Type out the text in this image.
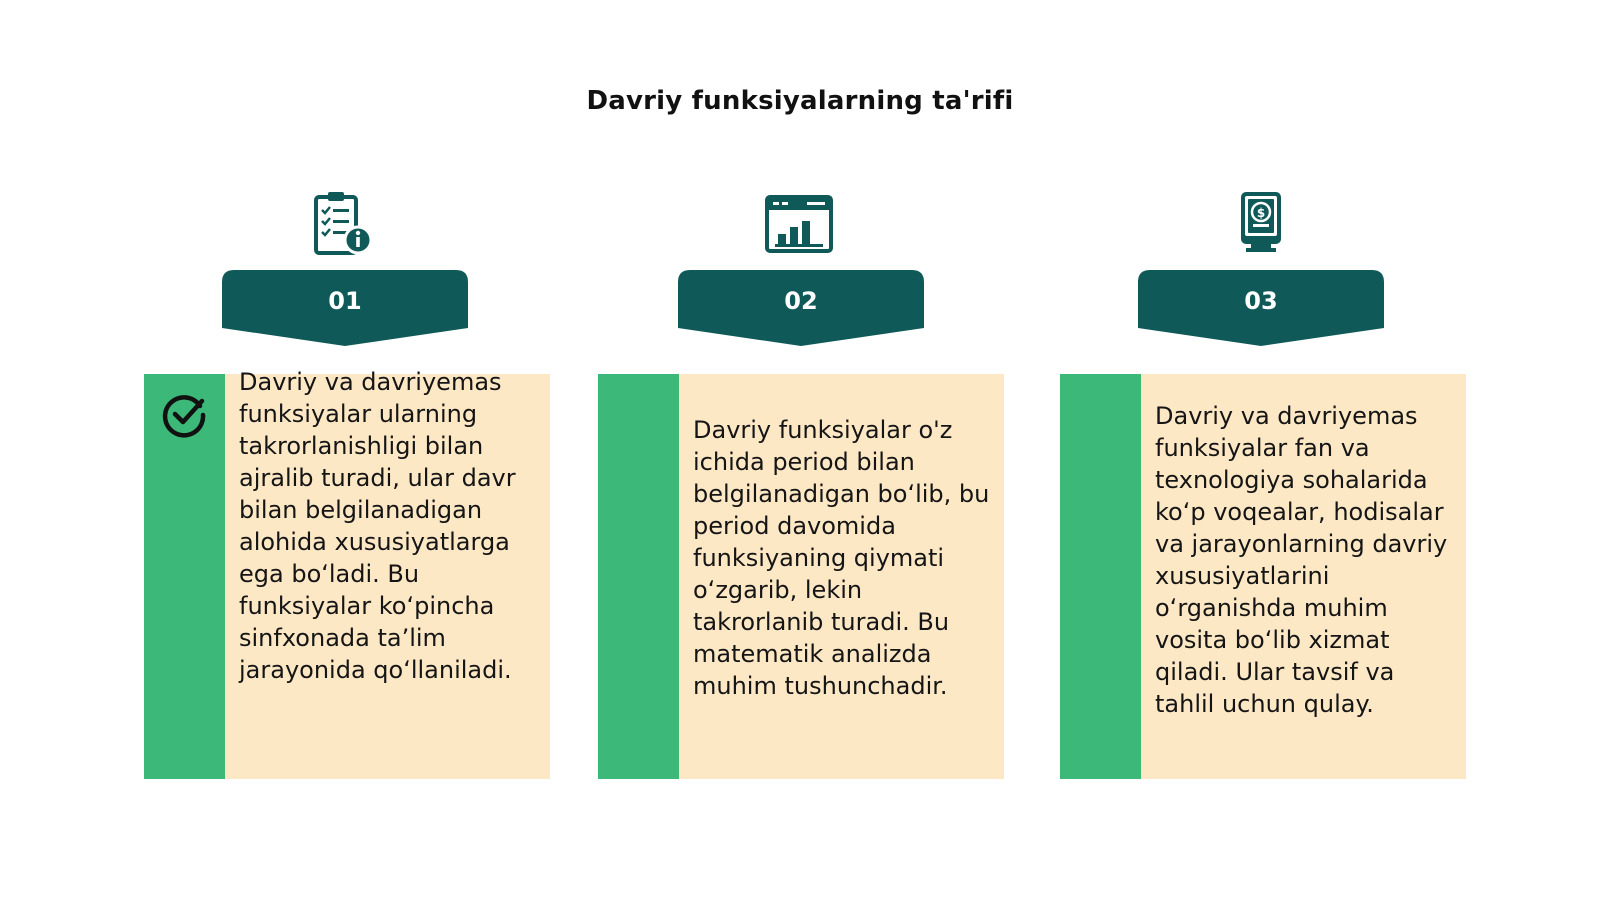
Davriy funksiyalarning ta'rifi
01

Davriy va davriyemas funksiyalar ularning takrorlanishligi bilan ajralib turadi, ular davr bilan belgilanadigan alohida xususiyatlarga ega boʻladi. Bu funksiyalar koʻpincha sinfxonada taʼlim jarayonida qoʻllaniladi.

02

Davriy funksiyalar o'z ichida period bilan belgilanadigan boʻlib, bu period davomida funksiyaning qiymati oʻzgarib, lekin takrorlanib turadi. Bu matematik analizda muhim tushunchadir.

$
03

Davriy va davriyemas funksiyalar fan va texnologiya sohalarida koʻp voqealar, hodisalar va jarayonlarning davriy xususiyatlarini oʻrganishda muhim vosita boʻlib xizmat qiladi. Ular tavsif va tahlil uchun qulay.
